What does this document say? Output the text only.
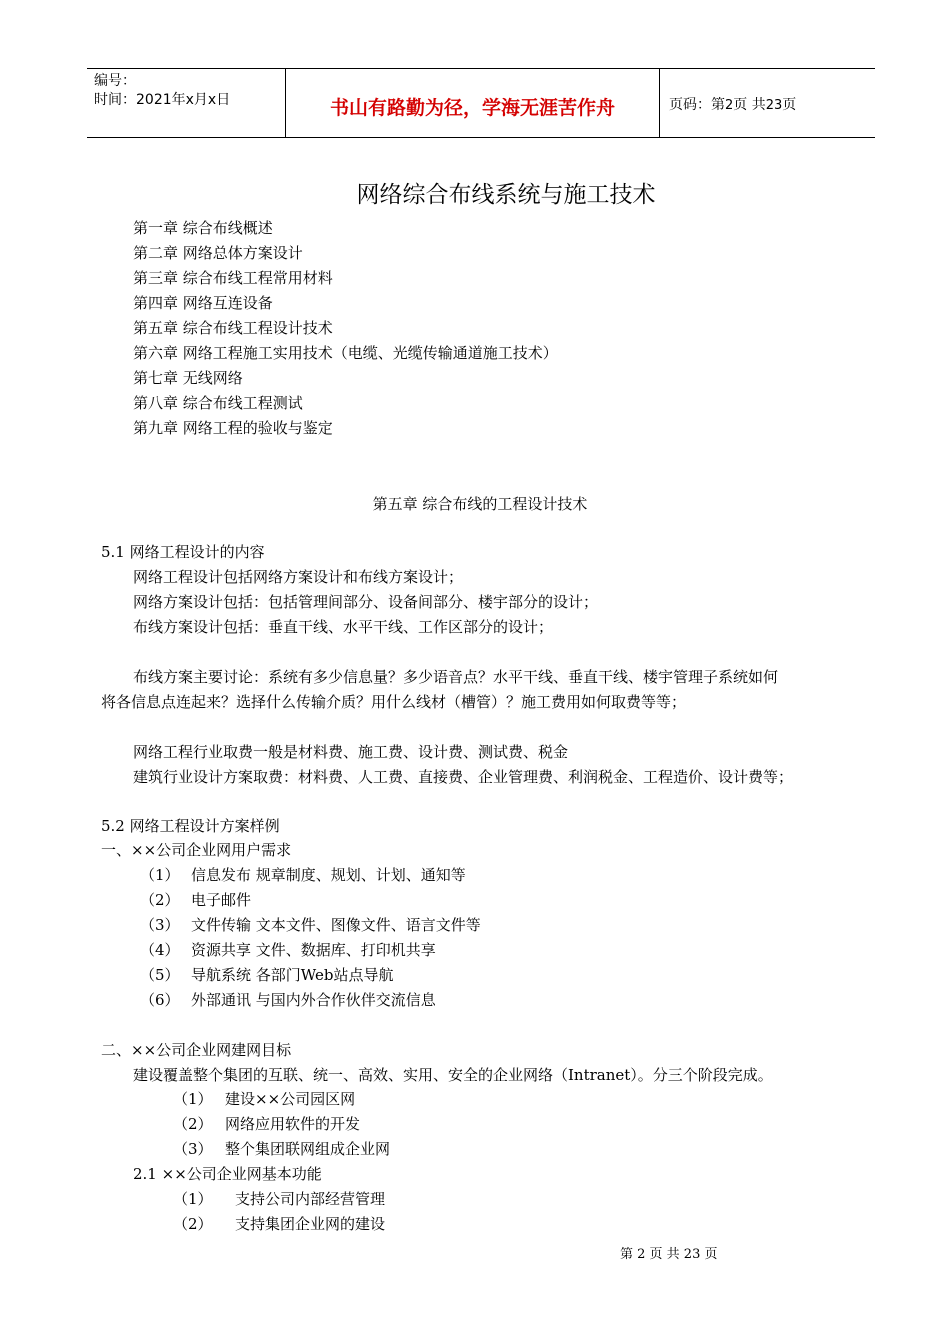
编号：
时间：2021年x月x日	书山有路勤为径，学海无涯苦作舟	页码：第2页 共23页
网络综合布线系统与施工技术
第一章 综合布线概述
第二章 网络总体方案设计
第三章 综合布线工程常用材料
第四章 网络互连设备
第五章 综合布线工程设计技术
第六章 网络工程施工实用技术（电缆、光缆传输通道施工技术）
第七章 无线网络
第八章 综合布线工程测试
第九章 网络工程的验收与鉴定
第五章 综合布线的工程设计技术
5.1 网络工程设计的内容
网络工程设计包括网络方案设计和布线方案设计；
网络方案设计包括：包括管理间部分、设备间部分、楼宇部分的设计；
布线方案设计包括：垂直干线、水平干线、工作区部分的设计；
布线方案主要讨论：系统有多少信息量？多少语音点？水平干线、垂直干线、楼宇管理子系统如何
将各信息点连起来？选择什么传输介质？用什么线材（槽管）？施工费用如何取费等等；
网络工程行业取费一般是材料费、施工费、设计费、测试费、税金
建筑行业设计方案取费：材料费、人工费、直接费、企业管理费、利润税金、工程造价、设计费等；
5.2 网络工程设计方案样例
一、××公司企业网用户需求
（1） 信息发布 规章制度、规划、计划、通知等
（2） 电子邮件
（3） 文件传输 文本文件、图像文件、语言文件等
（4） 资源共享 文件、数据库、打印机共享
（5） 导航系统 各部门Web站点导航
（6） 外部通讯 与国内外合作伙伴交流信息
二、××公司企业网建网目标
建设覆盖整个集团的互联、统一、高效、实用、安全的企业网络（Intranet）。分三个阶段完成。
（1） 建设××公司园区网
（2） 网络应用软件的开发
（3） 整个集团联网组成企业网
2.1 ××公司企业网基本功能
（1） 支持公司内部经营管理
（2） 支持集团企业网的建设
第 2 页 共 23 页
